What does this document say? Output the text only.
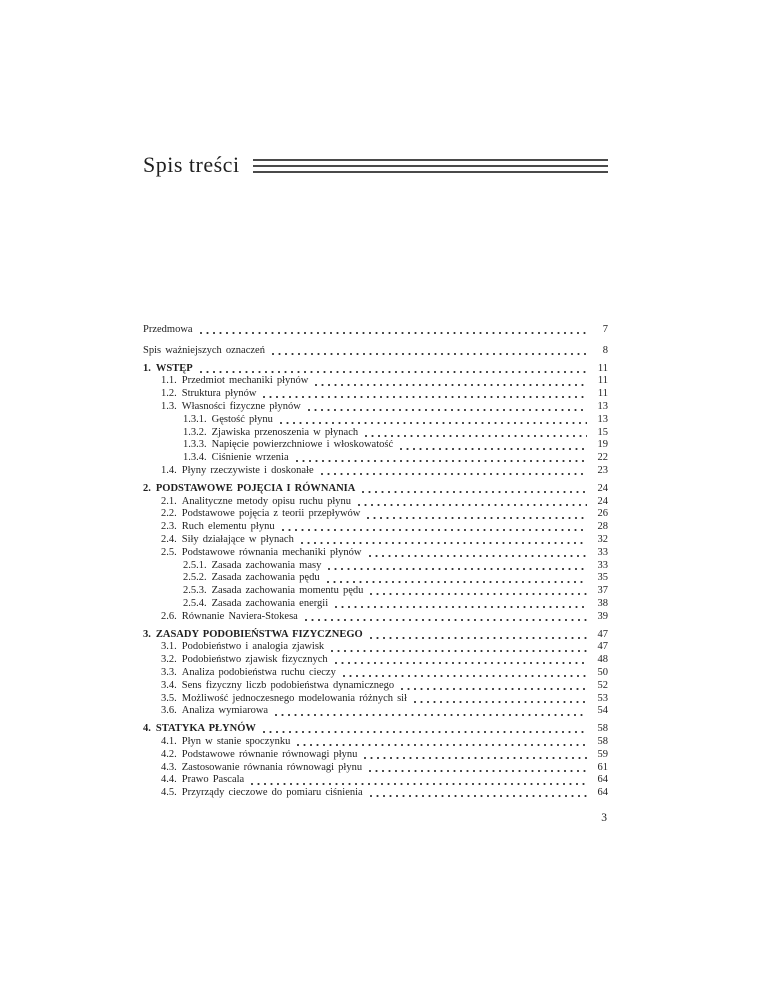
Spis treści
Przedmowa	7
Spis ważniejszych oznaczeń	8
1. WSTĘP	11
1.1. Przedmiot mechaniki płynów	11
1.2. Struktura płynów	11
1.3. Własności fizyczne płynów	13
1.3.1. Gęstość płynu	13
1.3.2. Zjawiska przenoszenia w płynach	15
1.3.3. Napięcie powierzchniowe i włoskowatość	19
1.3.4. Ciśnienie wrzenia	22
1.4. Płyny rzeczywiste i doskonałe	23
2. PODSTAWOWE POJĘCIA I RÓWNANIA	24
2.1. Analityczne metody opisu ruchu płynu	24
2.2. Podstawowe pojęcia z teorii przepływów	26
2.3. Ruch elementu płynu	28
2.4. Siły działające w płynach	32
2.5. Podstawowe równania mechaniki płynów	33
2.5.1. Zasada zachowania masy	33
2.5.2. Zasada zachowania pędu	35
2.5.3. Zasada zachowania momentu pędu	37
2.5.4. Zasada zachowania energii	38
2.6. Równanie Naviera-Stokesa	39
3. ZASADY PODOBIEŃSTWA FIZYCZNEGO	47
3.1. Podobieństwo i analogia zjawisk	47
3.2. Podobieństwo zjawisk fizycznych	48
3.3. Analiza podobieństwa ruchu cieczy	50
3.4. Sens fizyczny liczb podobieństwa dynamicznego	52
3.5. Możliwość jednoczesnego modelowania różnych sił	53
3.6. Analiza wymiarowa	54
4. STATYKA PŁYNÓW	58
4.1. Płyn w stanie spoczynku	58
4.2. Podstawowe równanie równowagi płynu	59
4.3. Zastosowanie równania równowagi płynu	61
4.4. Prawo Pascala	64
4.5. Przyrządy cieczowe do pomiaru ciśnienia	64
3
